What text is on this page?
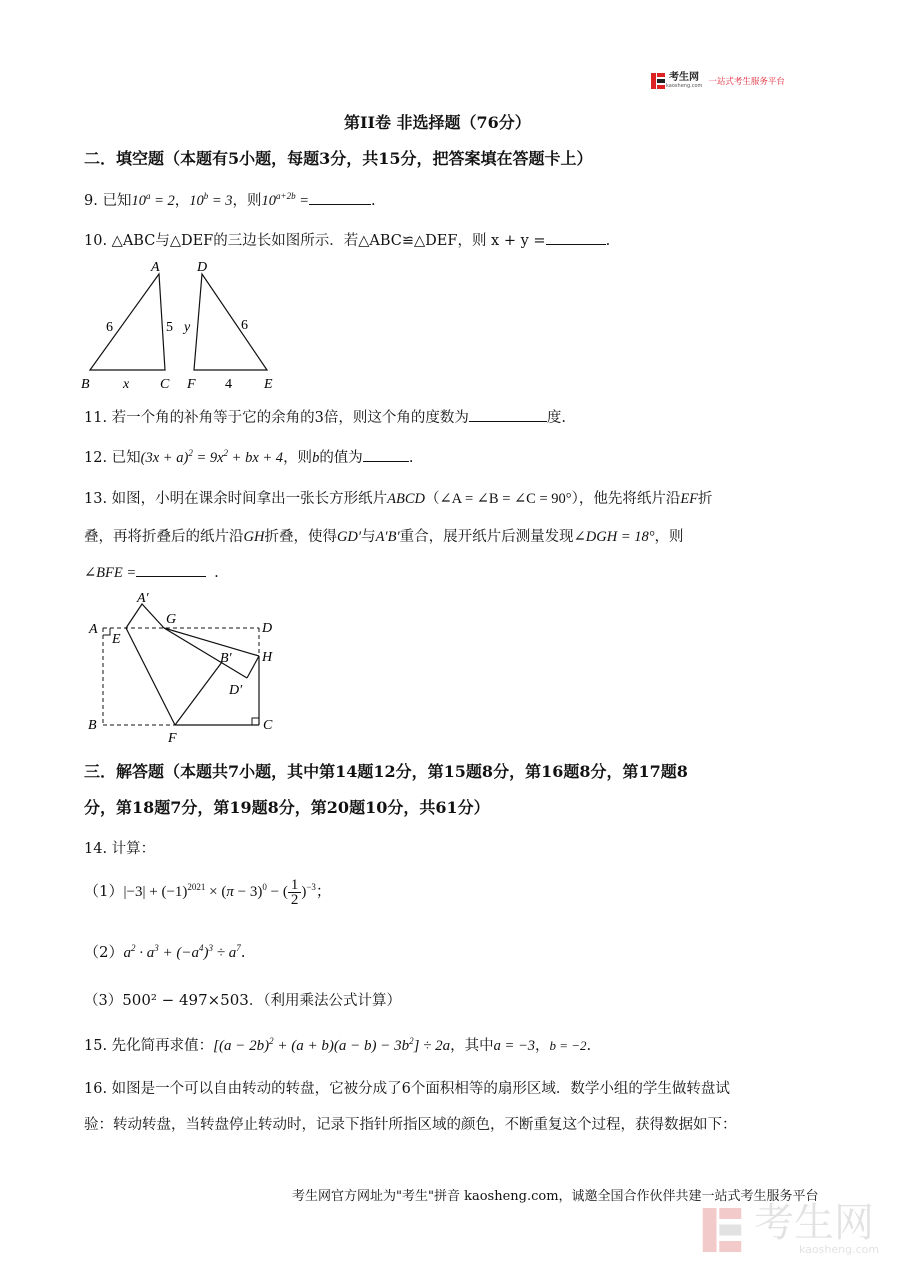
考生网
kaosheng.com 一站式考生服务平台
第II卷 非选择题（76分）
二．填空题（本题有5小题，每题3分，共15分，把答案填在答题卡上）
9. 已知$10^a = 2$，$10^b = 3$，则$10^{a+2b}$ =	.
10. △ABC与△DEF的三边长如图所示．若△ABC≌△DEF，则 x + y =	.
A
B	C
6	5
x
D
F	E
y	6
4
11. 若一个角的补角等于它的余角的3倍，则这个角的度数为	度.
12. 已知$(3x + a)^2 = 9x^2$ + bx + 4，则b的值为	.
13. 如图，小明在课余时间拿出一张长方形纸片ABCD（∠A = ∠B = ∠C = 90°），他先将纸片沿EF折
叠，再将折叠后的纸片沿GH折叠，使得GD′与A′B′重合，展开纸片后测量发现∠DGH = 18°，则
∠BFE =	.
A
E
A′
G
D
H
B′
D′
B
F
C
三．解答题（本题共7小题，其中第14题12分，第15题8分，第16题8分，第17题8
分，第18题7分，第19题8分，第20题10分，共61分）
14. 计算：
$(1)|-3| + (-1)^{2021} \times (\pi - 3)^0$ − ( $\frac{1}{2} )^{-3}$；
$(2)a^2 \cdot a^3 + (-a^4)^3 \div a^7$.
（3）500² − 497×503．（利用乘法公式计算）
15. 先化简再求值：$[(a - 2b)^2 + (a + b)(a - b) - 3b^2] \div 2a$，其中a = −3，b = −2.
16. 如图是一个可以自由转动的转盘，它被分成了6个面积相等的扇形区域．数学小组的学生做转盘试
验：转动转盘，当转盘停止转动时，记录下指针所指区域的颜色，不断重复这个过程，获得数据如下：
考生网官方网址为"考生"拼音 kaosheng.com，诚邀全国合作伙伴共建一站式考生服务平台
考生网
kaosheng.com
